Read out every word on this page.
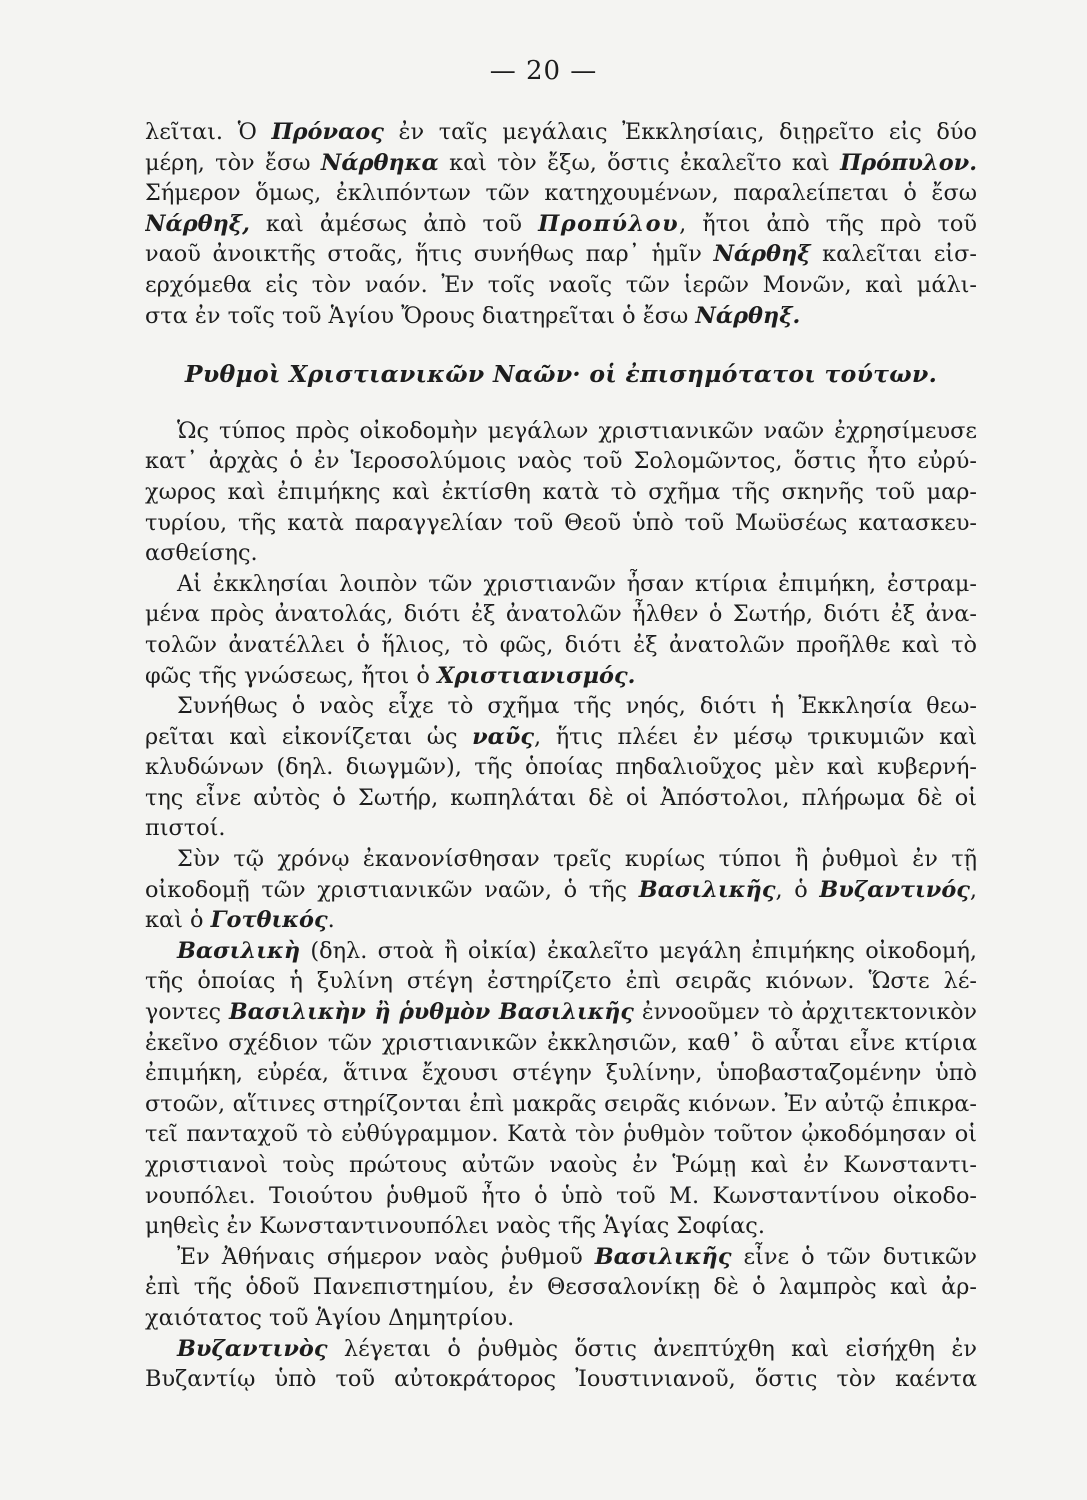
— 20 —
λεῖται. Ὁ Πρόναος ἐν ταῖς μεγάλαις Ἐκκλησίαις, διῃρεῖτο εἰς δύο
μέρη, τὸν ἔσω Νάρθηκα καὶ τὸν ἔξω, ὅστις ἐκαλεῖτο καὶ Πρόπυλον.
Σήμερον ὅμως, ἐκλιπόντων τῶν κατηχουμένων, παραλείπεται ὁ ἔσω
Νάρθηξ, καὶ ἀμέσως ἀπὸ τοῦ Προπύλου, ἤτοι ἀπὸ τῆς πρὸ τοῦ
ναοῦ ἀνοικτῆς στοᾶς, ἥτις συνήθως παρ᾽ ἡμῖν Νάρθηξ καλεῖται εἰσ-
ερχόμεθα εἰς τὸν ναόν. Ἐν τοῖς ναοῖς τῶν ἱερῶν Μονῶν, καὶ μάλι-
στα ἐν τοῖς τοῦ Ἁγίου Ὄρους διατηρεῖται ὁ ἔσω Νάρθηξ.
Ρυθμοὶ Χριστιανικῶν Ναῶν· οἱ ἐπισημότατοι τούτων.
Ὡς τύπος πρὸς οἰκοδομὴν μεγάλων χριστιανικῶν ναῶν ἐχρησίμευσε
κατ᾽ ἀρχὰς ὁ ἐν Ἱεροσολύμοις ναὸς τοῦ Σολομῶντος, ὅστις ἦτο εὐρύ-
χωρος καὶ ἐπιμήκης καὶ ἐκτίσθη κατὰ τὸ σχῆμα τῆς σκηνῆς τοῦ μαρ-
τυρίου, τῆς κατὰ παραγγελίαν τοῦ Θεοῦ ὑπὸ τοῦ Μωϋσέως κατασκευ-
ασθείσης.
Αἱ ἐκκλησίαι λοιπὸν τῶν χριστιανῶν ἦσαν κτίρια ἐπιμήκη, ἐστραμ-
μένα πρὸς ἀνατολάς, διότι ἐξ ἀνατολῶν ἦλθεν ὁ Σωτήρ, διότι ἐξ ἀνα-
τολῶν ἀνατέλλει ὁ ἥλιος, τὸ φῶς, διότι ἐξ ἀνατολῶν προῆλθε καὶ τὸ
φῶς τῆς γνώσεως, ἤτοι ὁ Χριστιανισμός.
Συνήθως ὁ ναὸς εἶχε τὸ σχῆμα τῆς νηός, διότι ἡ Ἐκκλησία θεω-
ρεῖται καὶ εἰκονίζεται ὡς ναῦς, ἥτις πλέει ἐν μέσῳ τρικυμιῶν καὶ
κλυδώνων (δηλ. διωγμῶν), τῆς ὁποίας πηδαλιοῦχος μὲν καὶ κυβερνή-
της εἶνε αὐτὸς ὁ Σωτήρ, κωπηλάται δὲ οἱ Ἀπόστολοι, πλήρωμα δὲ οἱ
πιστοί.
Σὺν τῷ χρόνῳ ἐκανονίσθησαν τρεῖς κυρίως τύποι ἢ ῥυθμοὶ ἐν τῇ
οἰκοδομῇ τῶν χριστιανικῶν ναῶν, ὁ τῆς Βασιλικῆς, ὁ Βυζαντινός,
καὶ ὁ Γοτθικός.
Βασιλικὴ (δηλ. στοὰ ἢ οἰκία) ἐκαλεῖτο μεγάλη ἐπιμήκης οἰκοδομή,
τῆς ὁποίας ἡ ξυλίνη στέγη ἐστηρίζετο ἐπὶ σειρᾶς κιόνων. Ὥστε λέ-
γοντες Βασιλικὴν ἢ ῥυθμὸν Βασιλικῆς ἐννοοῦμεν τὸ ἀρχιτεκτονικὸν
ἐκεῖνο σχέδιον τῶν χριστιανικῶν ἐκκλησιῶν, καθ᾽ ὃ αὗται εἶνε κτίρια
ἐπιμήκη, εὐρέα, ἅτινα ἔχουσι στέγην ξυλίνην, ὑποβασταζομένην ὑπὸ
στοῶν, αἵτινες στηρίζονται ἐπὶ μακρᾶς σειρᾶς κιόνων. Ἐν αὐτῷ ἐπικρα-
τεῖ πανταχοῦ τὸ εὐθύγραμμον. Κατὰ τὸν ῥυθμὸν τοῦτον ᾠκοδόμησαν οἱ
χριστιανοὶ τοὺς πρώτους αὐτῶν ναοὺς ἐν Ῥώμῃ καὶ ἐν Κωνσταντι-
νουπόλει. Τοιούτου ῥυθμοῦ ἦτο ὁ ὑπὸ τοῦ Μ. Κωνσταντίνου οἰκοδο-
μηθεὶς ἐν Κωνσταντινουπόλει ναὸς τῆς Ἁγίας Σοφίας.
Ἐν Ἀθήναις σήμερον ναὸς ῥυθμοῦ Βασιλικῆς εἶνε ὁ τῶν δυτικῶν
ἐπὶ τῆς ὁδοῦ Πανεπιστημίου, ἐν Θεσσαλονίκῃ δὲ ὁ λαμπρὸς καὶ ἀρ-
χαιότατος τοῦ Ἁγίου Δημητρίου.
Βυζαντινὸς λέγεται ὁ ῥυθμὸς ὅστις ἀνεπτύχθη καὶ εἰσήχθη ἐν
Βυζαντίῳ ὑπὸ τοῦ αὐτοκράτορος Ἰουστινιανοῦ, ὅστις τὸν καέντα
